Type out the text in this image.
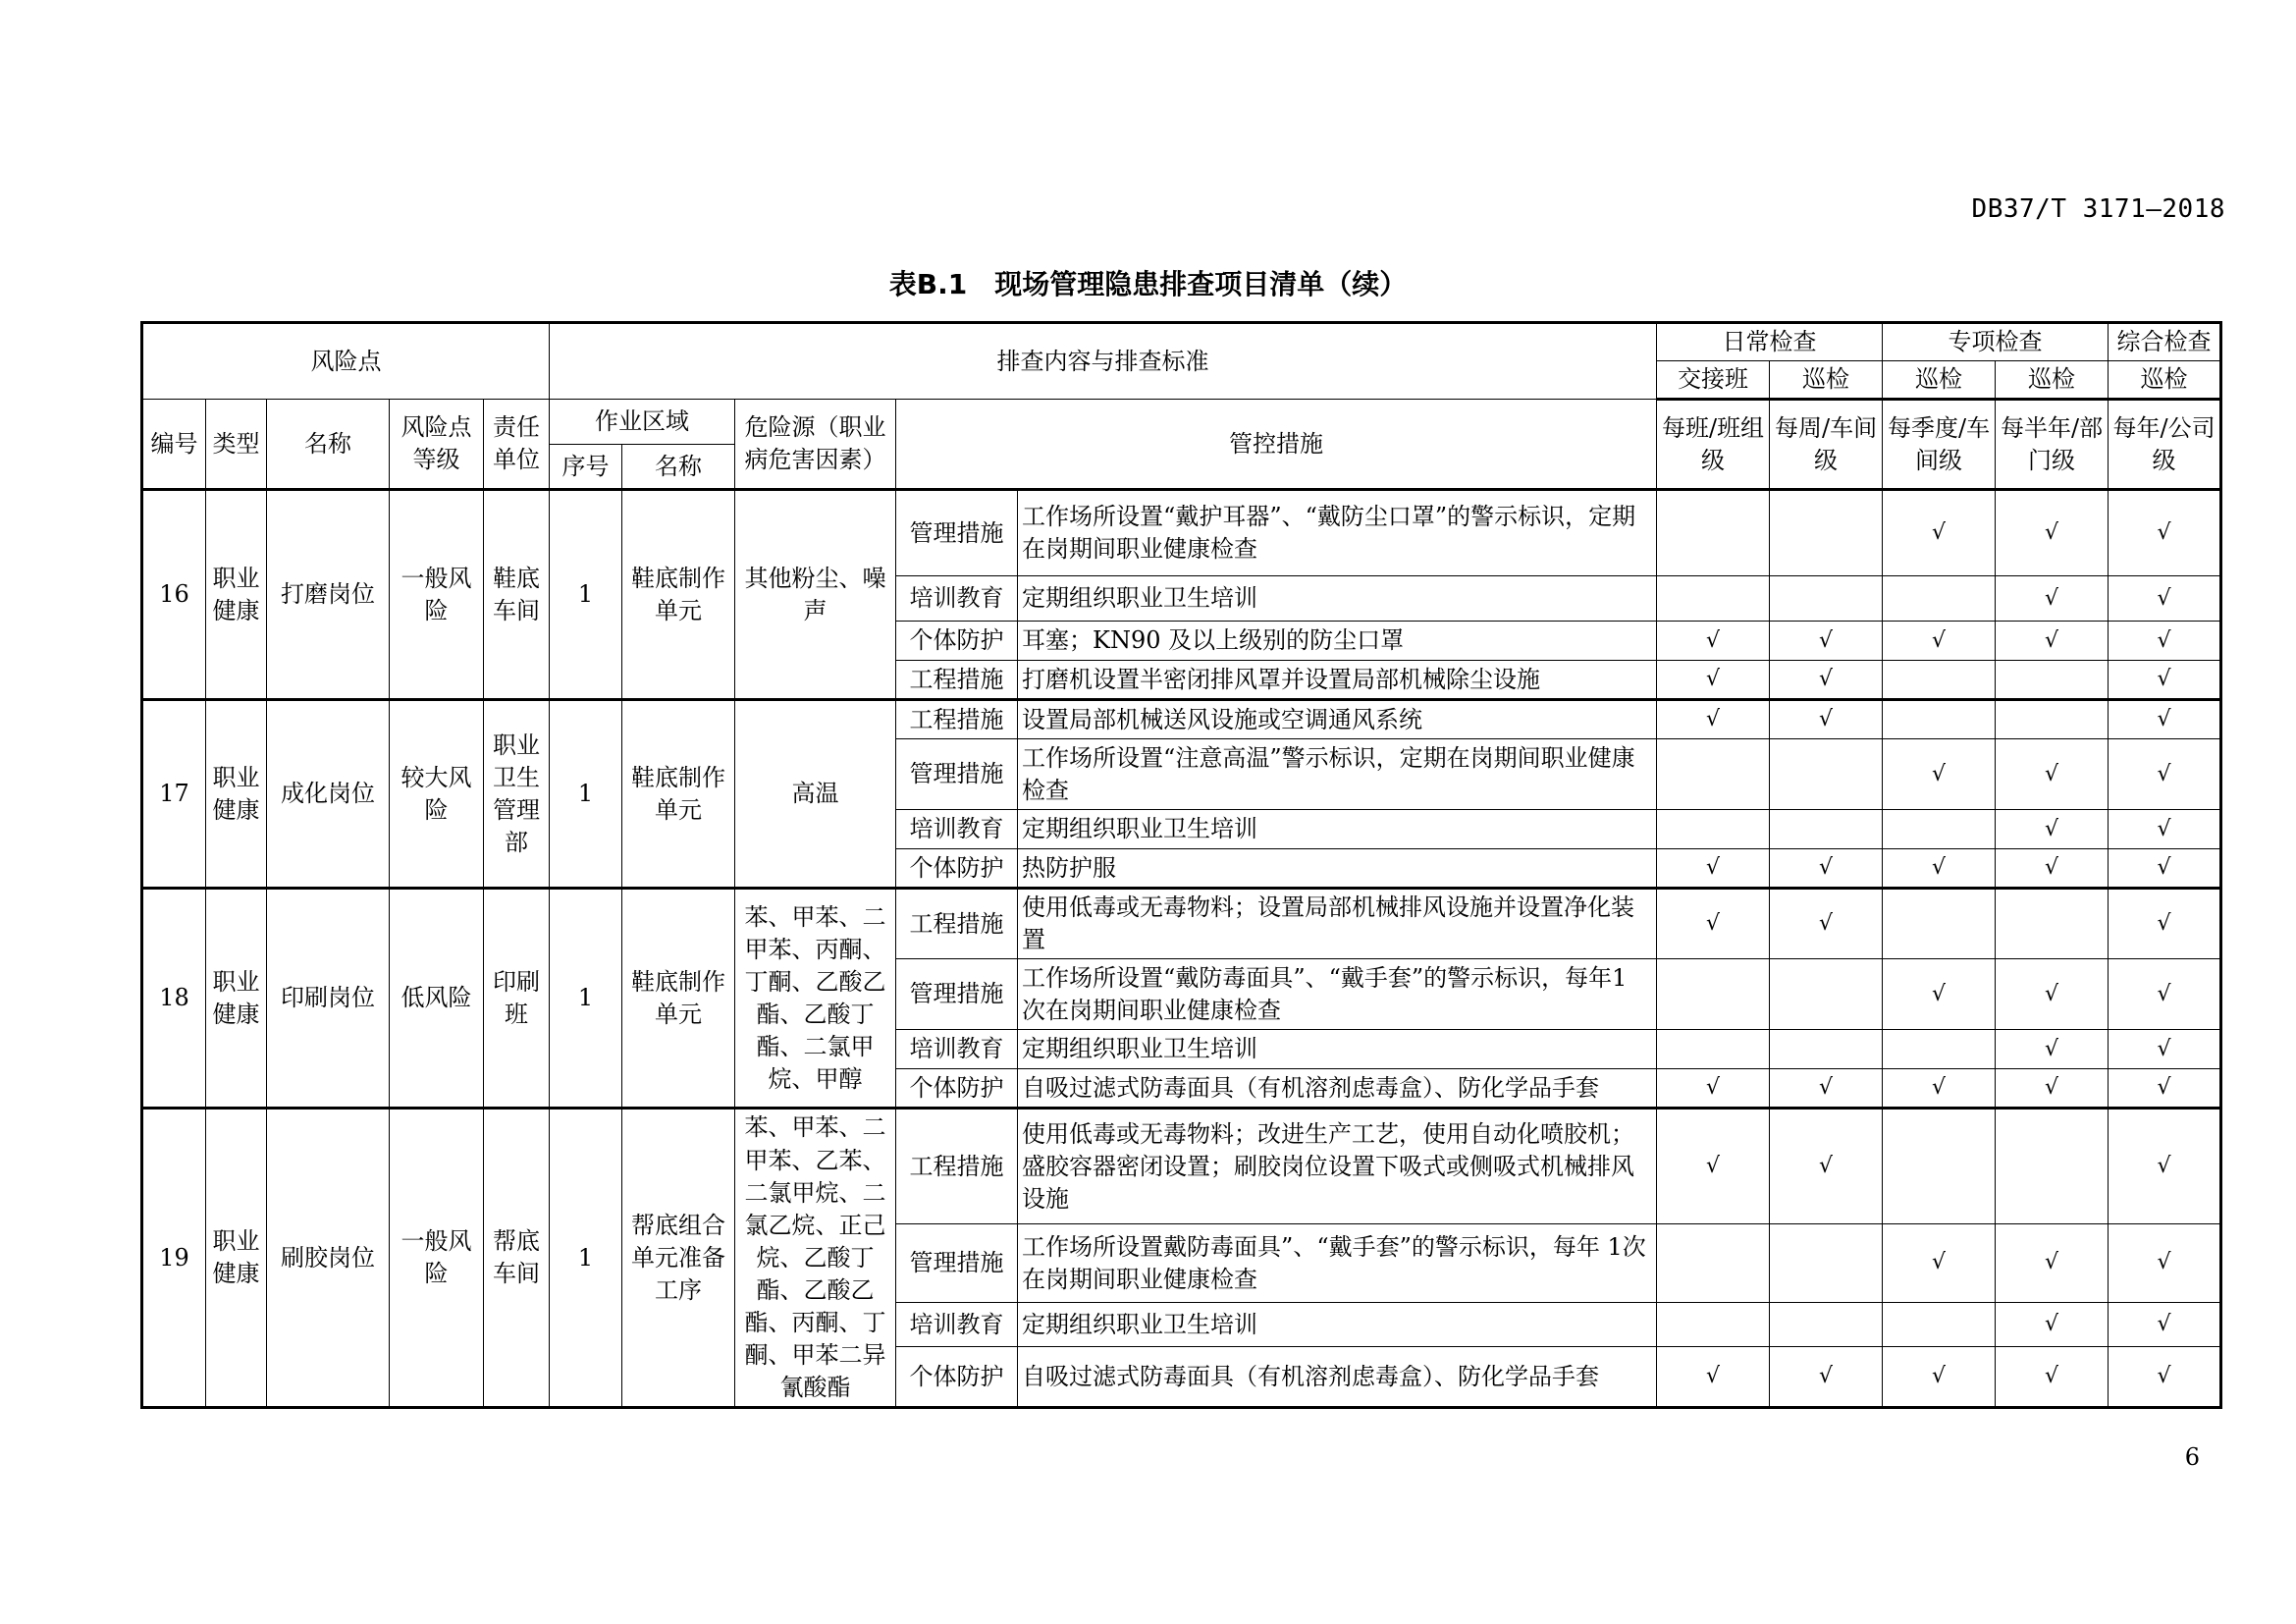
DB37/T 3171—2018
表B.1　现场管理隐患排查项目清单（续）
风险点					排查内容与排查标准					日常检查		专项检查		综合检查
										交接班	巡检	巡检	巡检	巡检
编号	类型	名称	风险点等级	责任单位	作业区域		危险源（职业病危害因素）	管控措施		每班/班组级	每周/车间级	每季度/车间级	每半年/部门级	每年/公司级
					序号	名称								
16	职业健康	打磨岗位	一般风险	鞋底车间	1	鞋底制作单元	其他粉尘、噪声	管理措施	工作场所设置“戴护耳器”、“戴防尘口罩”的警示标识，定期在岗期间职业健康检查			√	√	√
								培训教育	定期组织职业卫生培训				√	√
								个体防护	耳塞；KN90 及以上级别的防尘口罩	√	√	√	√	√
								工程措施	打磨机设置半密闭排风罩并设置局部机械除尘设施	√	√			√
17	职业健康	成化岗位	较大风险	职业卫生管理部	1	鞋底制作单元	高温	工程措施	设置局部机械送风设施或空调通风系统	√	√			√
								管理措施	工作场所设置“注意高温”警示标识，定期在岗期间职业健康检查			√	√	√
								培训教育	定期组织职业卫生培训				√	√
								个体防护	热防护服	√	√	√	√	√
18	职业健康	印刷岗位	低风险	印刷班	1	鞋底制作单元	苯、甲苯、二甲苯、丙酮、丁酮、乙酸乙酯、乙酸丁酯、二氯甲烷、甲醇	工程措施	使用低毒或无毒物料；设置局部机械排风设施并设置净化装置	√	√			√
								管理措施	工作场所设置“戴防毒面具”、“戴手套”的警示标识，每年1 次在岗期间职业健康检查			√	√	√
								培训教育	定期组织职业卫生培训				√	√
								个体防护	自吸过滤式防毒面具（有机溶剂虑毒盒）、防化学品手套	√	√	√	√	√
19	职业健康	刷胶岗位	一般风险	帮底车间	1	帮底组合单元准备工序	苯、甲苯、二甲苯、乙苯、二氯甲烷、二氯乙烷、正己烷、乙酸丁酯、乙酸乙酯、丙酮、丁酮、甲苯二异氰酸酯	工程措施	使用低毒或无毒物料；改进生产工艺，使用自动化喷胶机；盛胶容器密闭设置；刷胶岗位设置下吸式或侧吸式机械排风设施	√	√			√
								管理措施	工作场所设置戴防毒面具”、“戴手套”的警示标识，每年 1次在岗期间职业健康检查			√	√	√
								培训教育	定期组织职业卫生培训				√	√
								个体防护	自吸过滤式防毒面具（有机溶剂虑毒盒）、防化学品手套	√	√	√	√	√
6
